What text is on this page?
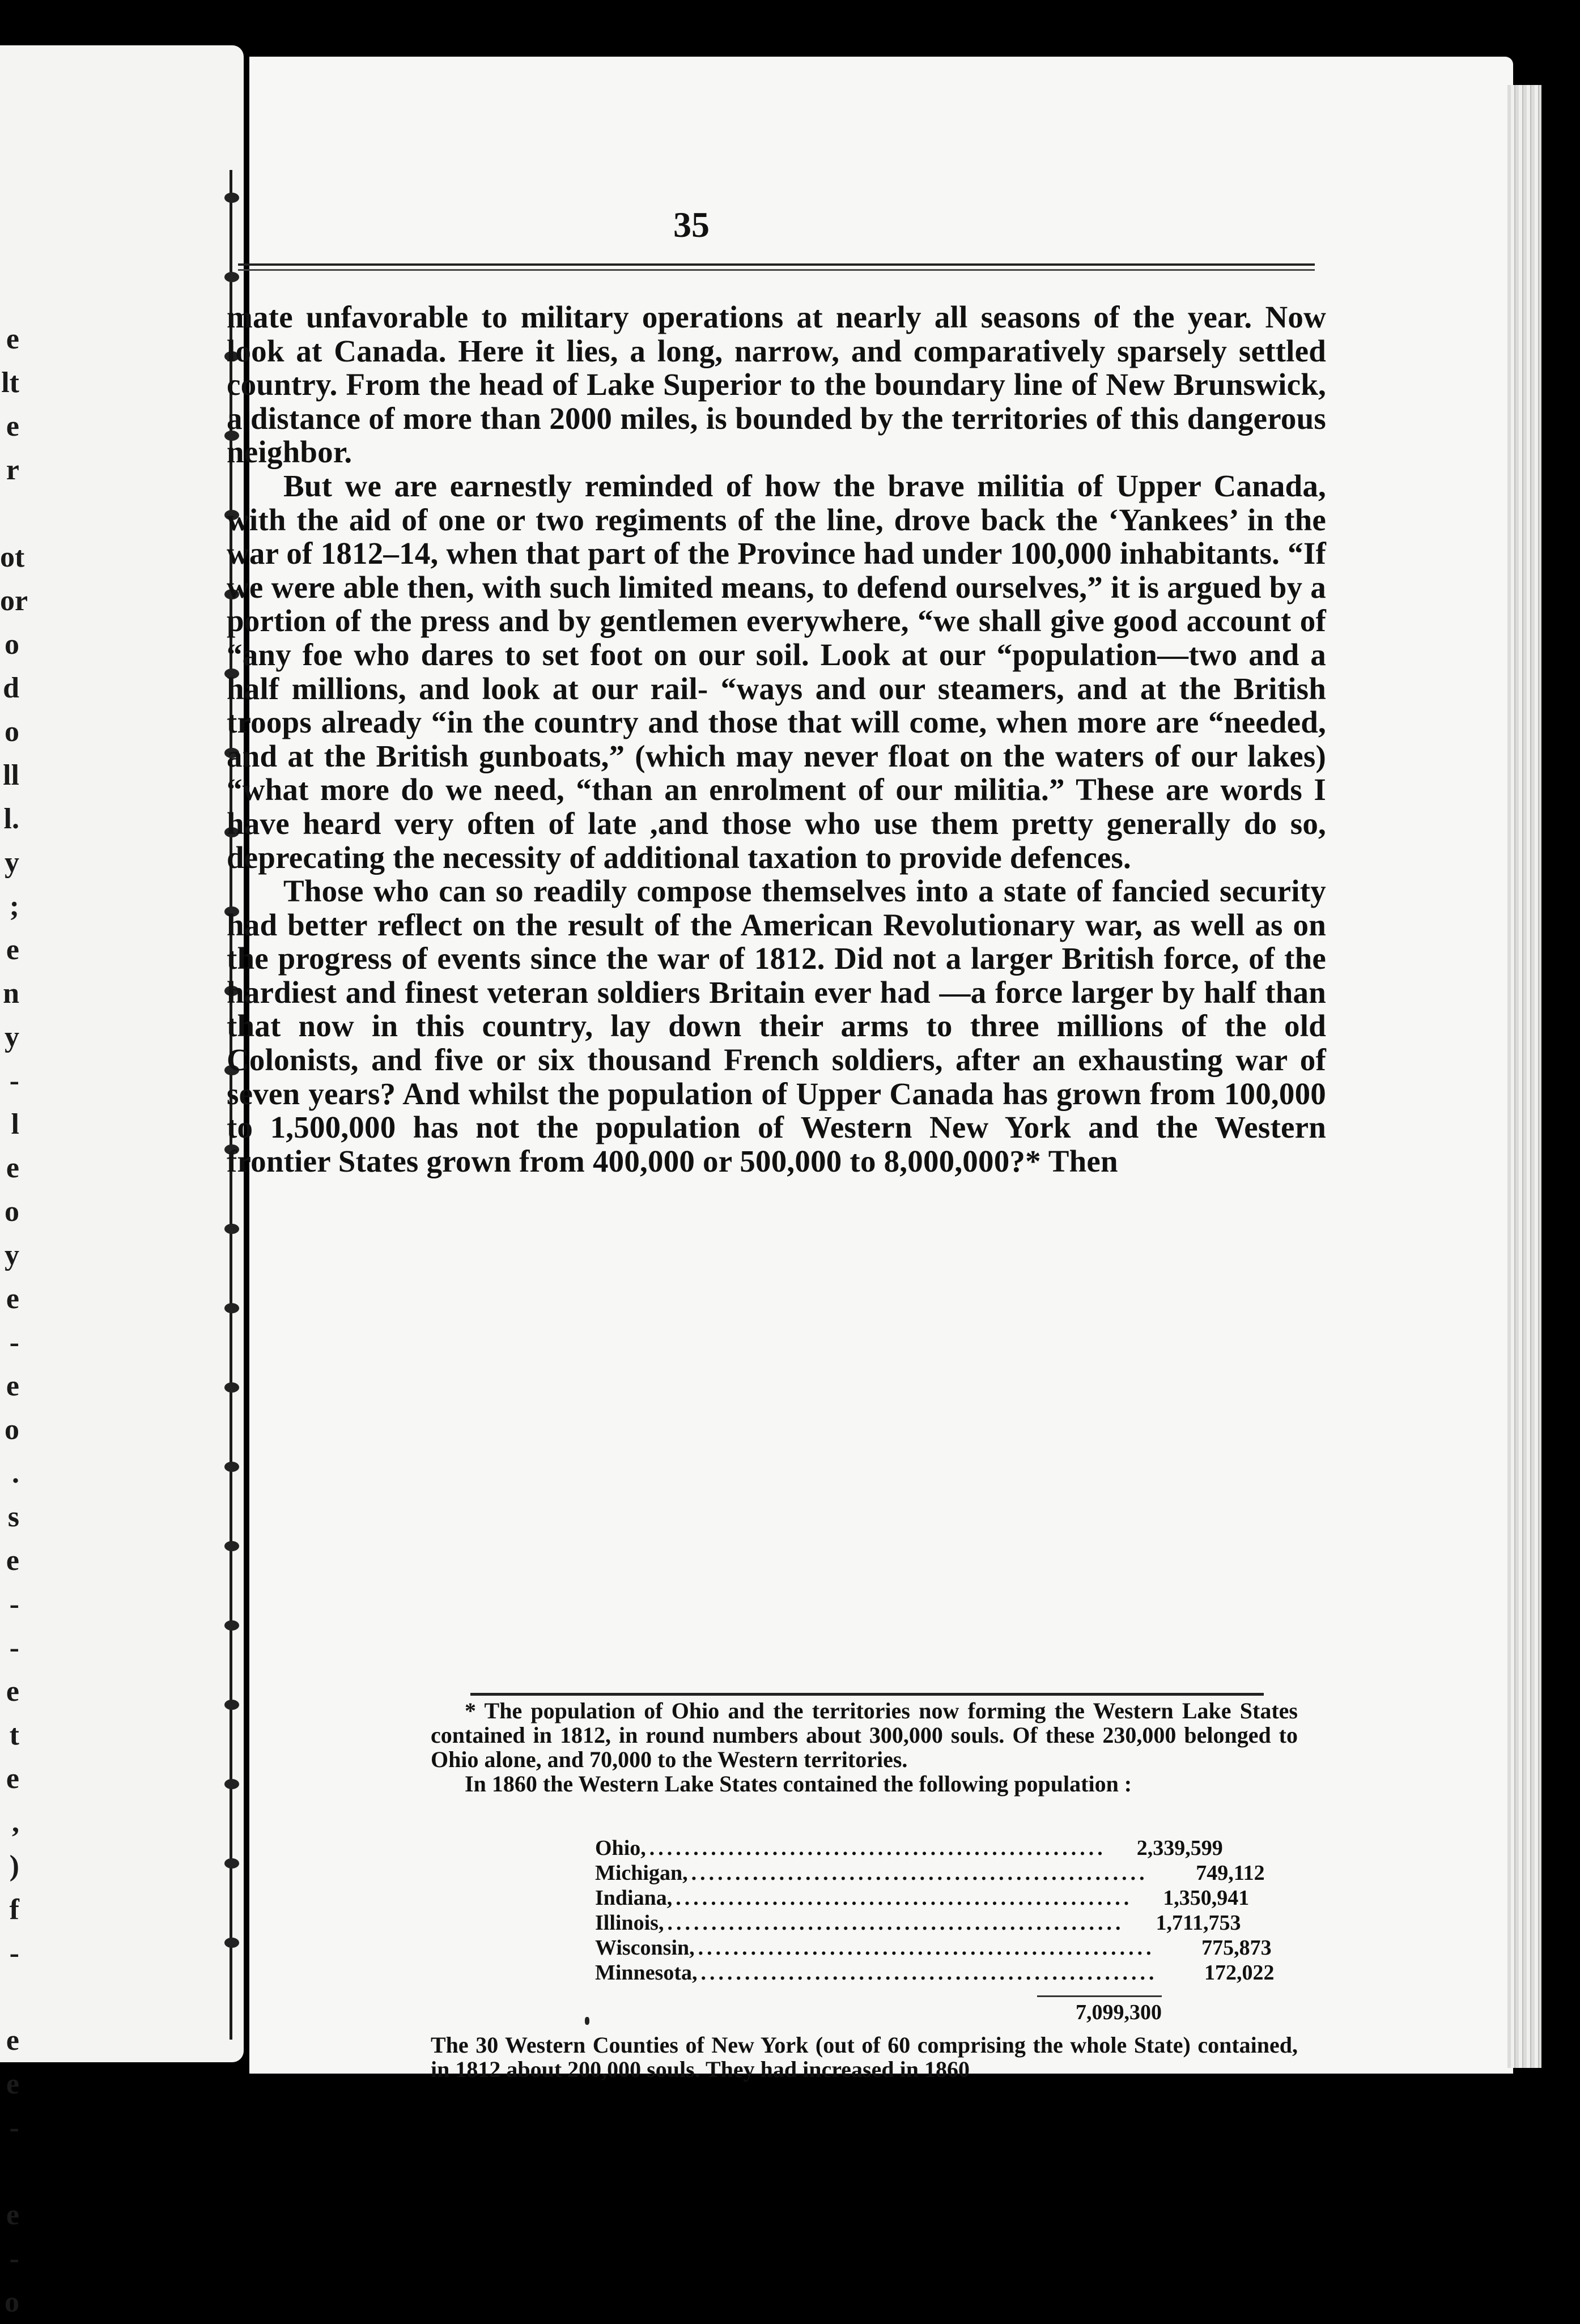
e
lt
e
r

ot
or
o
d
o
ll
l.
y
;
e
n
y
-
l
e
o
y
e
-
e
o
.
s
e
-
-
e
t
e
,
)
f
-

e
e
-

e
-
o
35

mate unfavorable to military operations at nearly all seasons of the year. Now look at Canada. Here it lies, a long, narrow, and comparatively sparsely settled country. From the head of Lake Superior to the boundary line of New Brunswick, a distance of more than 2000 miles, is bounded by the territories of this dangerous neighbor.

But we are earnestly reminded of how the brave militia of Upper Canada, with the aid of one or two regiments of the line, drove back the ‘Yankees’ in the war of 1812–14, when that part of the Province had under 100,000 inhabitants. “If we were able then, with such limited means, to defend ourselves,” it is argued by a portion of the press and by gentlemen everywhere, “we shall give good account of “any foe who dares to set foot on our soil. Look at our “population—two and a half millions, and look at our rail- “ways and our steamers, and at the British troops already “in the country and those that will come, when more are “needed, and at the British gunboats,” (which may never float on the waters of our lakes) “what more do we need, “than an enrolment of our militia.” These are words I have heard very often of late ,and those who use them pretty generally do so, deprecating the necessity of additional taxation to provide defences.

Those who can so readily compose themselves into a state of fancied security had better reflect on the result of the American Revolutionary war, as well as on the progress of events since the war of 1812. Did not a larger British force, of the hardiest and finest veteran soldiers Britain ever had —a force larger by half than that now in this country, lay down their arms to three millions of the old Colonists, and five or six thousand French soldiers, after an exhausting war of seven years? And whilst the population of Upper Canada has grown from 100,000 to 1,500,000 has not the population of Western New York and the Western frontier States grown from 400,000 or 500,000 to 8,000,000?* Then

* The population of Ohio and the territories now forming the Western Lake States contained in 1812, in round numbers about 300,000 souls. Of these 230,000 belonged to Ohio alone, and 70,000 to the Western territories.

In 1860 the Western Lake States contained the following population :

Ohio, ....................................................	2,339,599
Michigan, ....................................................	749,112
Indiana, ....................................................	1,350,941
Illinois, ....................................................	1,711,753
Wisconsin, ....................................................	775,873
Minnesota, ....................................................	172,022
7,099,300
The 30 Western Counties of New York (out of 60 comprising the whole State) contained, in 1812 about 200,000 souls. They had increased in 1860
